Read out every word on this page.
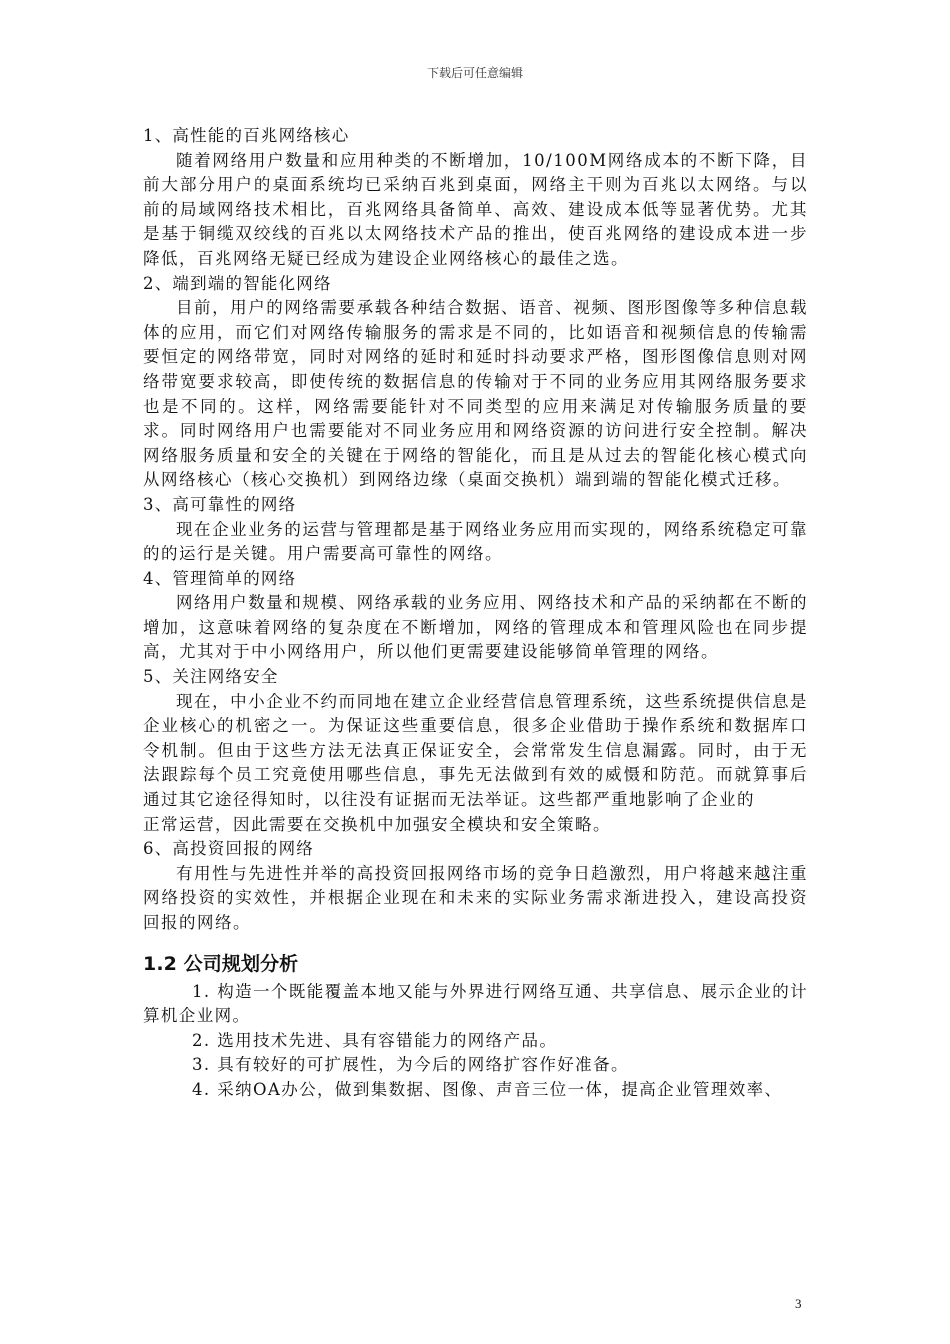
下载后可任意编辑

1、高性能的百兆网络核心

随着网络用户数量和应用种类的不断增加，10/100M网络成本的不断下降，目前大部分用户的桌面系统均已采纳百兆到桌面，网络主干则为百兆以太网络。与以前的局域网络技术相比，百兆网络具备简单、高效、建设成本低等显著优势。尤其是基于铜缆双绞线的百兆以太网络技术产品的推出，使百兆网络的建设成本进一步降低，百兆网络无疑已经成为建设企业网络核心的最佳之选。

2、端到端的智能化网络

目前，用户的网络需要承载各种结合数据、语音、视频、图形图像等多种信息载体的应用，而它们对网络传输服务的需求是不同的，比如语音和视频信息的传输需要恒定的网络带宽，同时对网络的延时和延时抖动要求严格，图形图像信息则对网络带宽要求较高，即使传统的数据信息的传输对于不同的业务应用其网络服务要求也是不同的。这样，网络需要能针对不同类型的应用来满足对传输服务质量的要求。同时网络用户也需要能对不同业务应用和网络资源的访问进行安全控制。解决网络服务质量和安全的关键在于网络的智能化，而且是从过去的智能化核心模式向从网络核心（核心交换机）到网络边缘（桌面交换机）端到端的智能化模式迁移。

3、高可靠性的网络

现在企业业务的运营与管理都是基于网络业务应用而实现的，网络系统稳定可靠的的运行是关键。用户需要高可靠性的网络。

4、管理简单的网络

网络用户数量和规模、网络承载的业务应用、网络技术和产品的采纳都在不断的增加，这意味着网络的复杂度在不断增加，网络的管理成本和管理风险也在同步提高，尤其对于中小网络用户，所以他们更需要建设能够简单管理的网络。

5、关注网络安全

现在，中小企业不约而同地在建立企业经营信息管理系统，这些系统提供信息是企业核心的机密之一。为保证这些重要信息，很多企业借助于操作系统和数据库口令机制。但由于这些方法无法真正保证安全，会常常发生信息漏露。同时，由于无法跟踪每个员工究竟使用哪些信息，事先无法做到有效的威慑和防范。而就算事后通过其它途径得知时，以往没有证据而无法举证。这些都严重地影响了企业的

正常运营，因此需要在交换机中加强安全模块和安全策略。

6、高投资回报的网络

有用性与先进性并举的高投资回报网络市场的竞争日趋激烈，用户将越来越注重网络投资的实效性，并根据企业现在和未来的实际业务需求渐进投入，建设高投资回报的网络。

1.2 公司规划分析

1. 构造一个既能覆盖本地又能与外界进行网络互通、共享信息、展示企业的计算机企业网。

2. 选用技术先进、具有容错能力的网络产品。

3. 具有较好的可扩展性，为今后的网络扩容作好准备。

4. 采纳OA办公，做到集数据、图像、声音三位一体，提高企业管理效率、

3
